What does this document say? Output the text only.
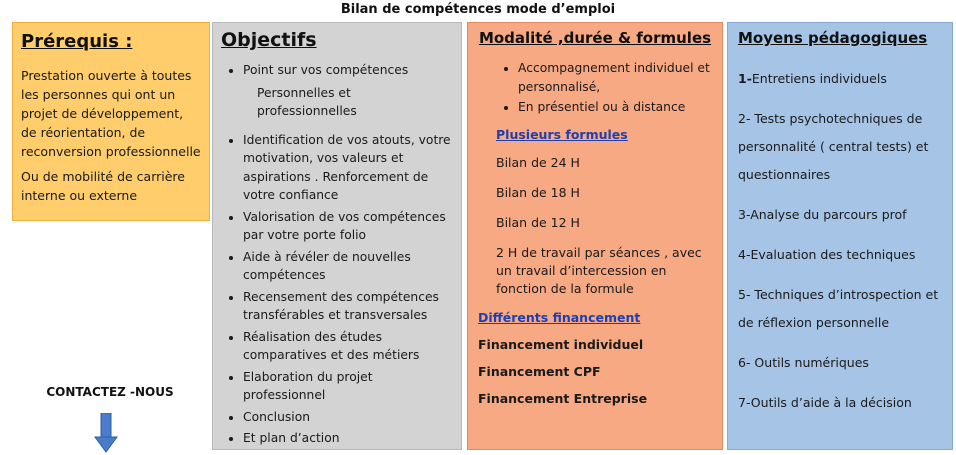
Bilan de compétences mode d’emploi
Prérequis :

Prestation ouverte à toutes les personnes qui ont un projet de développement, de réorientation, de reconversion professionnelle

Ou de mobilité de carrière interne ou externe

Objectifs
• Point sur vos compétences
Personnelles et professionnelles
• Identification de vos atouts, votre motivation, vos valeurs et aspirations . Renforcement de votre confiance
• Valorisation de vos compétences par votre porte folio
• Aide à révéler de nouvelles compétences
• Recensement des compétences transférables et transversales
• Réalisation des études comparatives et des métiers
• Elaboration du projet professionnel
• Conclusion
• Et plan d’action
Modalité ,durée & formules
• Accompagnement individuel et personnalisé,
• En présentiel ou à distance
Plusieurs formules
Bilan de 24 H
Bilan de 18 H
Bilan de 12 H
2 H de travail par séances , avec un travail d’intercession en fonction de la formule
Différents financement
Financement individuel
Financement CPF
Financement Entreprise
Moyens pédagogiques
1-Entretiens individuels
2- Tests psychotechniques de personnalité ( central tests) et questionnaires
3-Analyse du parcours prof
4-Evaluation des techniques
5- Techniques d’introspection et de réflexion personnelle
6- Outils numériques
7-Outils d’aide à la décision
CONTACTEZ -NOUS
